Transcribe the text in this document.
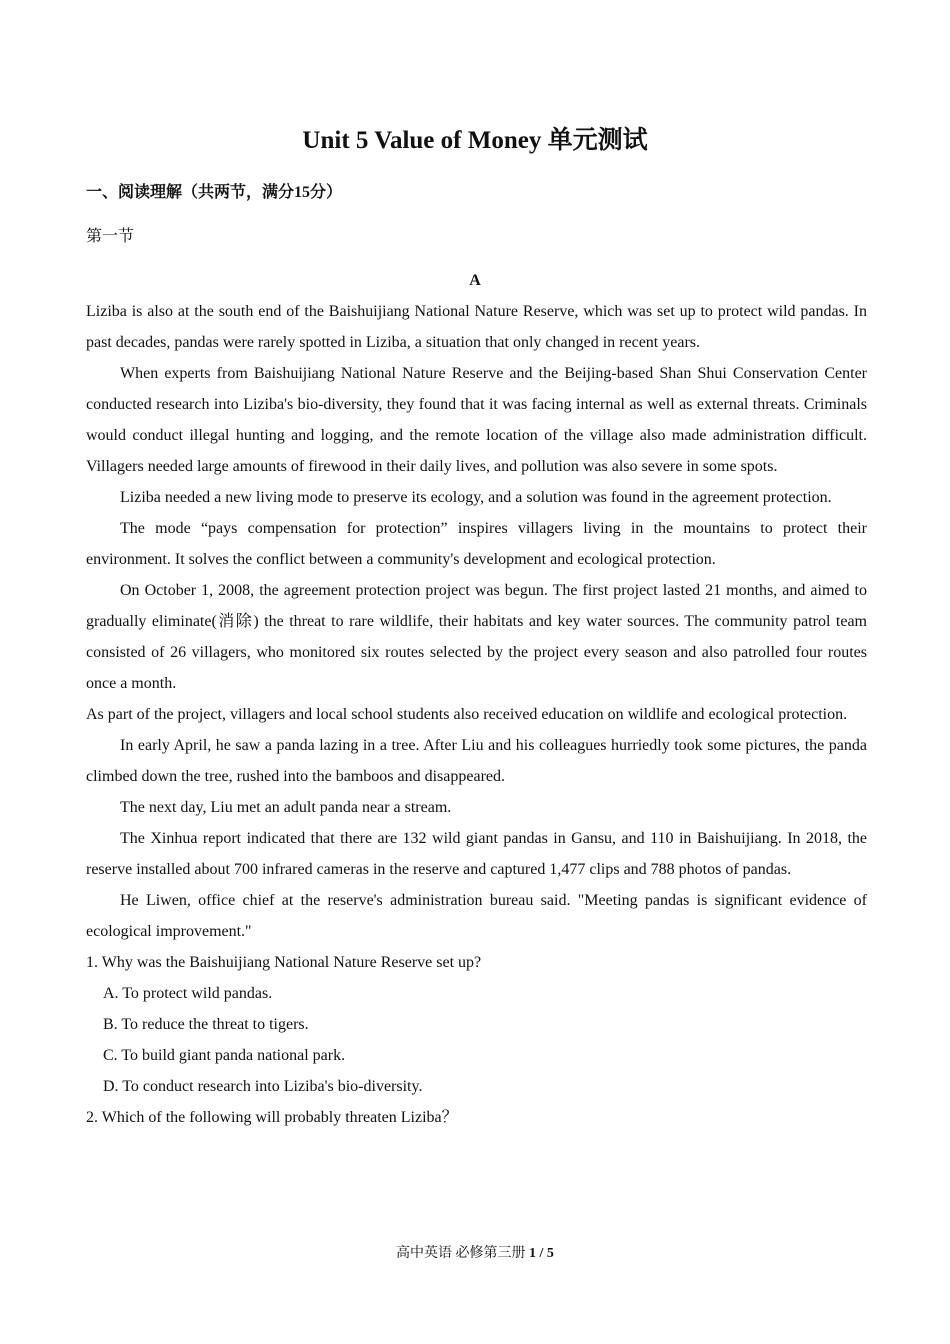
Unit 5 Value of Money 单元测试
一、阅读理解（共两节，满分15分）
第一节
A

Liziba is also at the south end of the Baishuijiang National Nature Reserve, which was set up to protect wild pandas. In past decades, pandas were rarely spotted in Liziba, a situation that only changed in recent years.

When experts from Baishuijiang National Nature Reserve and the Beijing-based Shan Shui Conservation Center conducted research into Liziba's bio-diversity, they found that it was facing internal as well as external threats. Criminals would conduct illegal hunting and logging, and the remote location of the village also made administration difficult. Villagers needed large amounts of firewood in their daily lives, and pollution was also severe in some spots.

Liziba needed a new living mode to preserve its ecology, and a solution was found in the agreement protection.

The mode “pays compensation for protection” inspires villagers living in the mountains to protect their environment. It solves the conflict between a community's development and ecological protection.

On October 1, 2008, the agreement protection project was begun. The first project lasted 21 months, and aimed to gradually eliminate(消除) the threat to rare wildlife, their habitats and key water sources. The community patrol team consisted of 26 villagers, who monitored six routes selected by the project every season and also patrolled four routes once a month.

As part of the project, villagers and local school students also received education on wildlife and ecological protection.

In early April, he saw a panda lazing in a tree. After Liu and his colleagues hurriedly took some pictures, the panda climbed down the tree, rushed into the bamboos and disappeared.

The next day, Liu met an adult panda near a stream.

The Xinhua report indicated that there are 132 wild giant pandas in Gansu, and 110 in Baishuijiang. In 2018, the reserve installed about 700 infrared cameras in the reserve and captured 1,477 clips and 788 photos of pandas.

He Liwen, office chief at the reserve's administration bureau said. "Meeting pandas is significant evidence of ecological improvement."

1. Why was the Baishuijiang National Nature Reserve set up?

A. To protect wild pandas.

B. To reduce the threat to tigers.

C. To build giant panda national park.

D. To conduct research into Liziba's bio-diversity.

2. Which of the following will probably threaten Liziba？

高中英语 必修第三册 1 / 5
